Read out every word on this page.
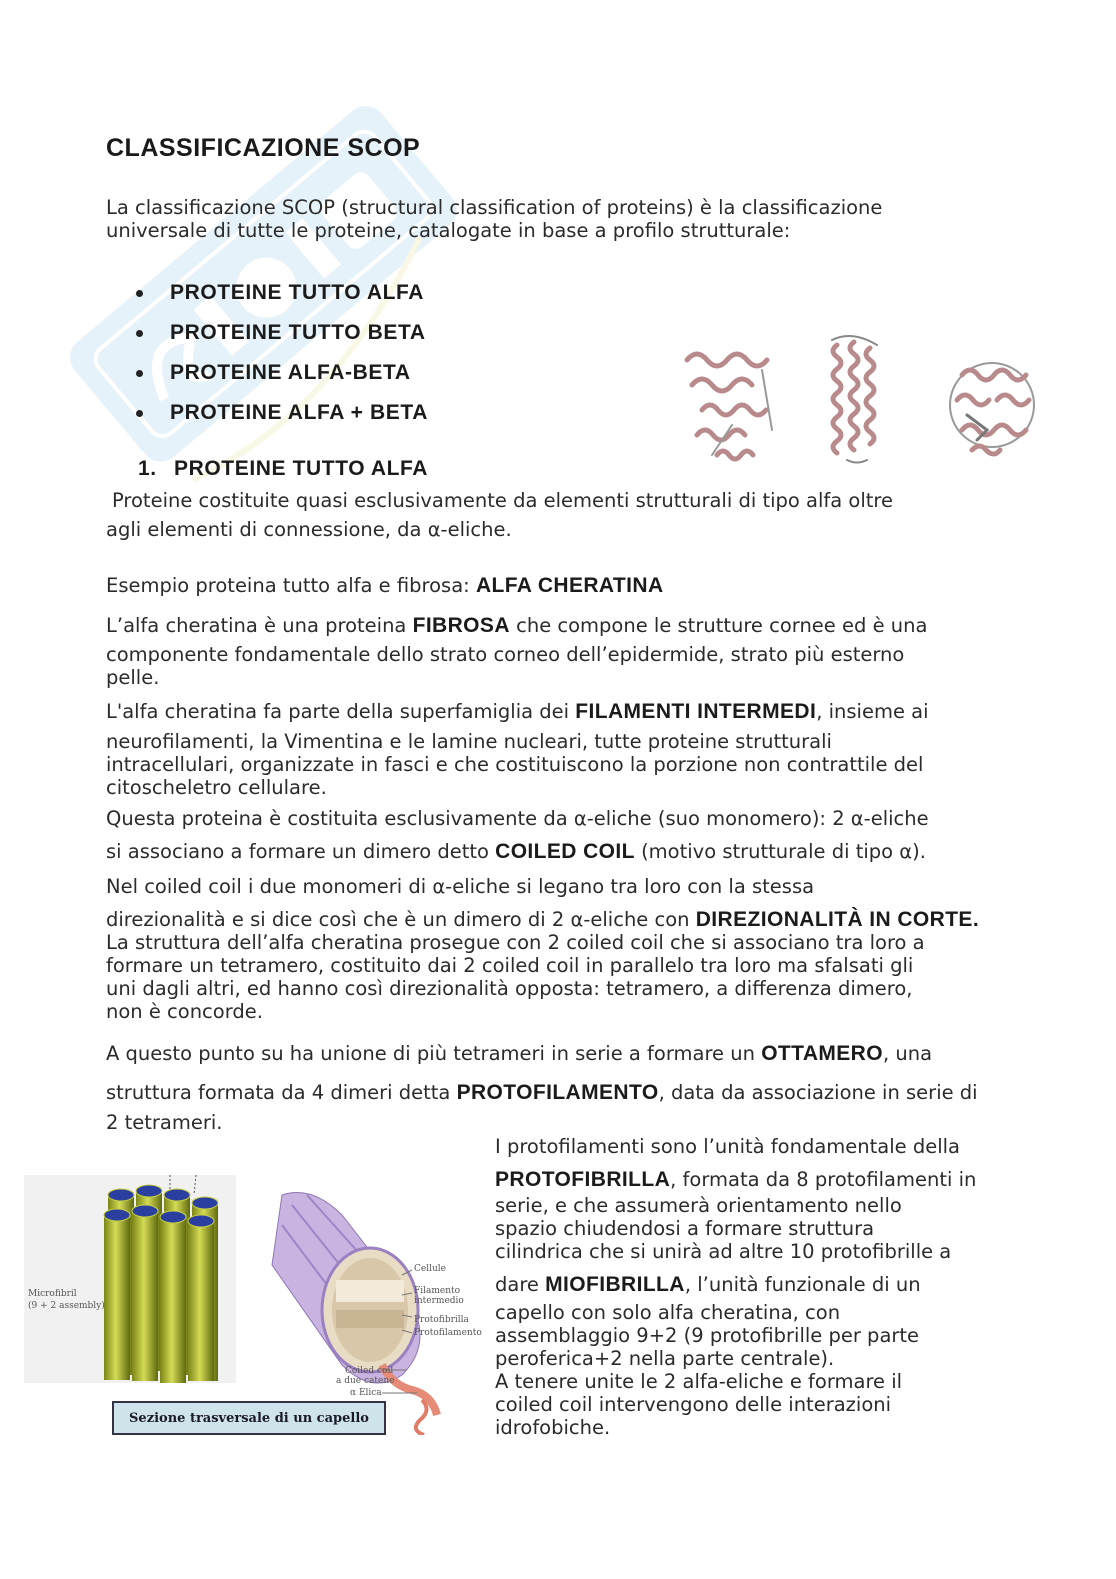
CLASSIFICAZIONE SCOP
La classificazione SCOP (structural classification of proteins) è la classificazione
universale di tutte le proteine, catalogate in base a profilo strutturale:
PROTEINE TUTTO ALFA
PROTEINE TUTTO BETA
PROTEINE ALFA-BETA
PROTEINE ALFA + BETA
1. PROTEINE TUTTO ALFA
Proteine costituite quasi esclusivamente da elementi strutturali di tipo alfa oltre
agli elementi di connessione, da α-eliche.
Esempio proteina tutto alfa e fibrosa: ALFA CHERATINA
L’alfa cheratina è una proteina FIBROSA che compone le strutture cornee ed è una
componente fondamentale dello strato corneo dell’epidermide, strato più esterno
pelle.
L'alfa cheratina fa parte della superfamiglia dei FILAMENTI INTERMEDI, insieme ai
neurofilamenti, la Vimentina e le lamine nucleari, tutte proteine strutturali
intracellulari, organizzate in fasci e che costituiscono la porzione non contrattile del
citoscheletro cellulare.
Questa proteina è costituita esclusivamente da α-eliche (suo monomero): 2 α-eliche
si associano a formare un dimero detto COILED COIL (motivo strutturale di tipo α).
Nel coiled coil i due monomeri di α-eliche si legano tra loro con la stessa
direzionalità e si dice così che è un dimero di 2 α-eliche con DIREZIONALITÀ IN CORTE.
La struttura dell’alfa cheratina prosegue con 2 coiled coil che si associano tra loro a
formare un tetramero, costituito dai 2 coiled coil in parallelo tra loro ma sfalsati gli
uni dagli altri, ed hanno così direzionalità opposta: tetramero, a differenza dimero,
non è concorde.
A questo punto su ha unione di più tetrameri in serie a formare un OTTAMERO, una
struttura formata da 4 dimeri detta PROTOFILAMENTO, data da associazione in serie di
2 tetrameri.
I protofilamenti sono l’unità fondamentale della
PROTOFIBRILLA, formata da 8 protofilamenti in
serie, e che assumerà orientamento nello
spazio chiudendosi a formare struttura
cilindrica che si unirà ad altre 10 protofibrille a
dare MIOFIBRILLA, l’unità funzionale di un
capello con solo alfa cheratina, con
assemblaggio 9+2 (9 protofibrille per parte
peroferica+2 nella parte centrale).
A tenere unite le 2 alfa-eliche e formare il
coiled coil intervengono delle interazioni
idrofobiche.
Microfibril
(9 + 2 assembly)
Cellule
Filamento
intermedio
Protofibrilla
Protofilamento
Coiled coil
a due catene
α Elica
Sezione trasversale di un capello
